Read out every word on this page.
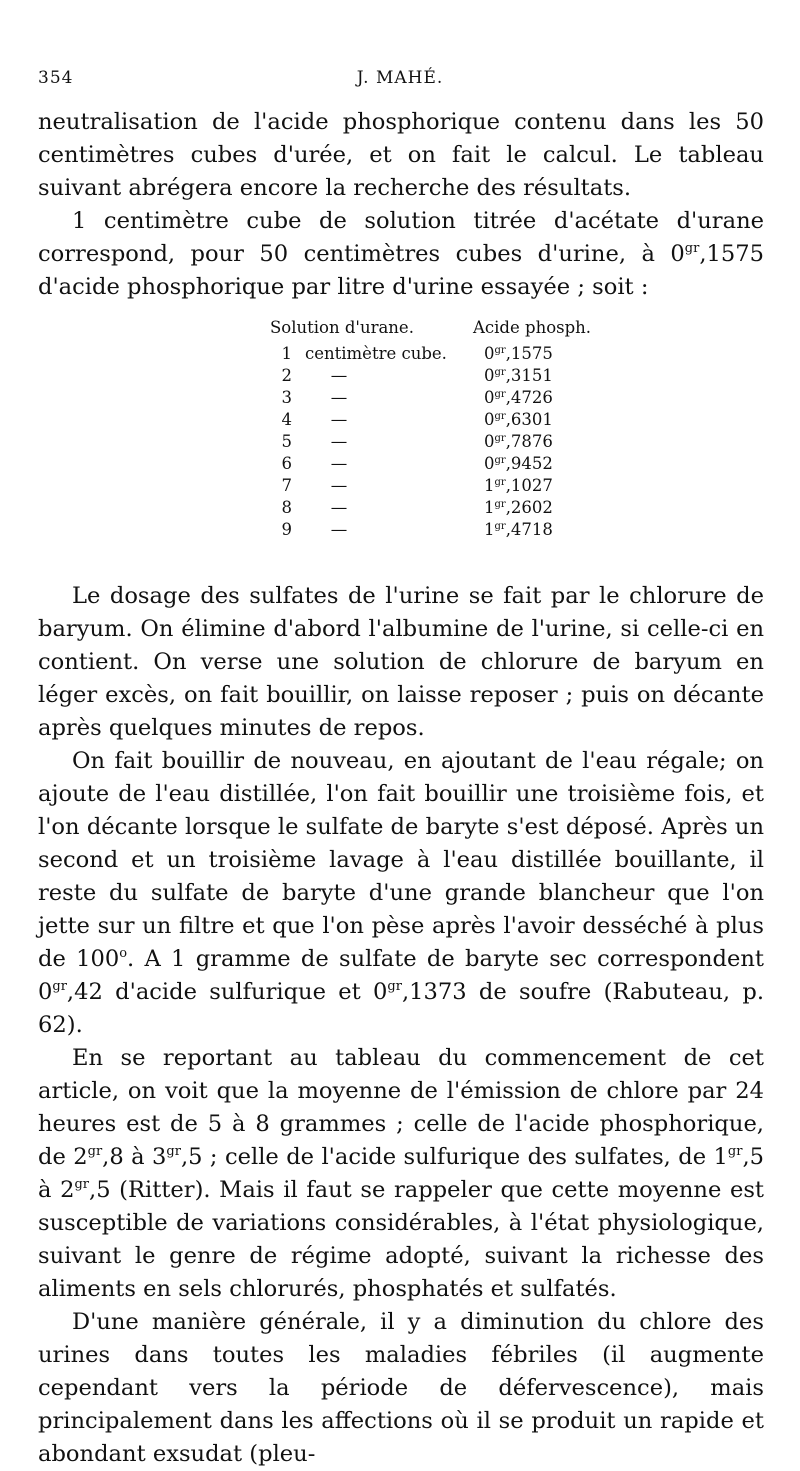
354	J. MAHÉ.

neutralisation de l'acide phosphorique contenu dans les 50 centimètres cubes d'urée, et on fait le calcul. Le tableau suivant abrégera encore la recherche des résultats.

1 centimètre cube de solution titrée d'acétate d'urane correspond, pour 50 centimètres cubes d'urine, à $0^{gr},1575$ d'acide phosphorique par litre d'urine essayée ; soit :

Solution d'urane.	Acide phosph.
1 centimètre cube.	$0^{gr},1575$
2	—	$0^{gr},3151$
3	—	$0^{gr},4726$
4	—	$0^{gr},6301$
5	—	$0^{gr},7876$
6	—	$0^{gr},9452$
7	—	$1^{gr},1027$
8	—	$1^{gr},2602$
9	—	$1^{gr},4718$

Le dosage des sulfates de l'urine se fait par le chlorure de baryum. On élimine d'abord l'albumine de l'urine, si celle-ci en contient. On verse une solution de chlorure de baryum en léger excès, on fait bouillir, on laisse reposer ; puis on décante après quelques minutes de repos.

On fait bouillir de nouveau, en ajoutant de l'eau régale; on ajoute de l'eau distillée, l'on fait bouillir une troisième fois, et l'on décante lorsque le sulfate de baryte s'est déposé. Après un second et un troisième lavage à l'eau distillée bouillante, il reste du sulfate de baryte d'une grande blancheur que l'on jette sur un filtre et que l'on pèse après l'avoir desséché à plus de 100$^o$. A 1 gramme de sulfate de baryte sec correspondent $0^{gr},42$ d'acide sulfurique et $0^{gr},1373$ de soufre (Rabuteau, p. 62).

En se reportant au tableau du commencement de cet article, on voit que la moyenne de l'émission de chlore par 24 heures est de 5 à 8 grammes ; celle de l'acide phosphorique, de $2^{gr},8$ à $3^{gr},5$ ; celle de l'acide sulfurique des sulfates, de $1^{gr},5$ à $2^{gr},5$ (Ritter). Mais il faut se rappeler que cette moyenne est susceptible de variations considérables, à l'état physiologique, suivant le genre de régime adopté, suivant la richesse des aliments en sels chlorurés, phosphatés et sulfatés.

D'une manière générale, il y a diminution du chlore des urines dans toutes les maladies fébriles (il augmente cependant vers la période de défervescence), mais principalement dans les affections où il se produit un rapide et abondant exsudat (pleu-
